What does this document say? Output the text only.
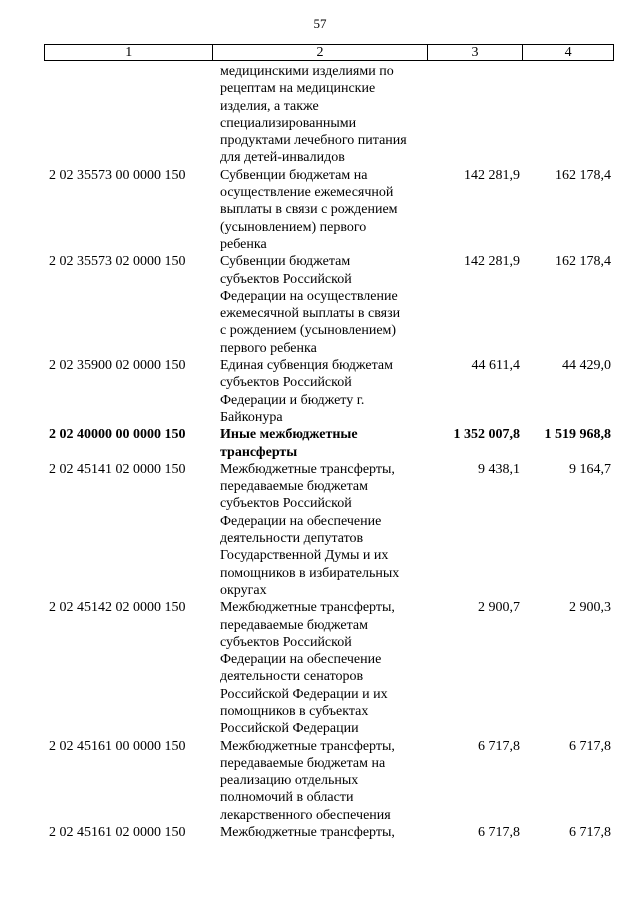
57
1	2	3	4
медицинскими изделиями по
рецептам на медицинские
изделия, а также
специализированными
продуктами лечебного питания
для детей-инвалидов
2 02 35573 00 0000 150	Субвенции бюджетам на
осуществление ежемесячной
выплаты в связи с рождением
(усыновлением) первого
ребенка
142 281,9	162 178,4
2 02 35573 02 0000 150	Субвенции бюджетам
субъектов Российской
Федерации на осуществление
ежемесячной выплаты в связи
с рождением (усыновлением)
первого ребенка
142 281,9	162 178,4
2 02 35900 02 0000 150	Единая субвенция бюджетам
субъектов Российской
Федерации и бюджету г.
Байконура
44 611,4	44 429,0
2 02 40000 00 0000 150	Иные межбюджетные
трансферты
1 352 007,8	1 519 968,8
2 02 45141 02 0000 150	Межбюджетные трансферты,
передаваемые бюджетам
субъектов Российской
Федерации на обеспечение
деятельности депутатов
Государственной Думы и их
помощников в избирательных
округах
9 438,1	9 164,7
2 02 45142 02 0000 150	Межбюджетные трансферты,
передаваемые бюджетам
субъектов Российской
Федерации на обеспечение
деятельности сенаторов
Российской Федерации и их
помощников в субъектах
Российской Федерации
2 900,7	2 900,3
2 02 45161 00 0000 150	Межбюджетные трансферты,
передаваемые бюджетам на
реализацию отдельных
полномочий в области
лекарственного обеспечения
6 717,8	6 717,8
2 02 45161 02 0000 150	Межбюджетные трансферты,	6 717,8	6 717,8
